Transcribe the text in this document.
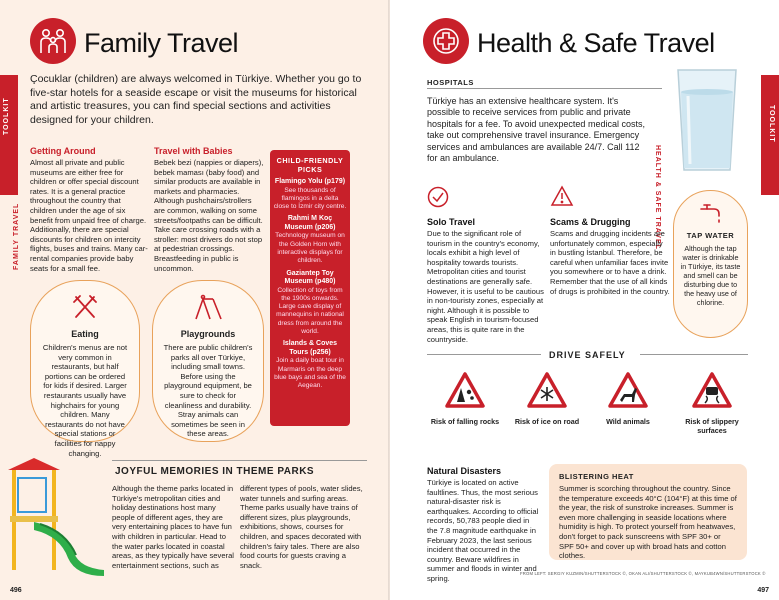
TOOLKIT
FAMILY TRAVEL
Family Travel

Çocuklar (children) are always welcomed in Türkiye. Whether you go to five-star hotels for a seaside escape or visit the museums for historical and artistic treasures, you can find special sections and activities designed for your children.

Getting Around

Almost all private and public museums are either free for children or offer special discount rates. It is a general practice throughout the country that children under the age of six benefit from unpaid free of charge. Additionally, there are special discounts for children on intercity flights, buses and trains. Many car-rental companies provide baby seats for a small fee.

Travel with Babies

Bebek bezi (nappies or diapers), bebek maması (baby food) and similar products are available in markets and pharmacies. Although pushchairs/strollers are common, walking on some streets/footpaths can be difficult. Take care crossing roads with a stroller: most drivers do not stop at pedestrian crossings. Breastfeeding in public is uncommon.

CHILD-FRIENDLY PICKS
Flamingo Yolu (p179)
See thousands of flamingos in a delta close to İzmir city centre.
Rahmi M Koç Museum (p206)
Technology museum on the Golden Horn with interactive displays for children.
Gaziantep Toy Museum (p480)
Collection of toys from the 1900s onwards. Large cave display of mannequins in national dress from around the world.
Islands & Coves Tours (p256)
Join a daily boat tour in Marmaris on the deep blue bays and sea of the Aegean.
Eating

Children's menus are not very common in restaurants, but half portions can be ordered for kids if desired. Larger restaurants usually have highchairs for young children. Many restaurants do not have special stations or facilities for nappy changing.

Playgrounds

There are public children's parks all over Türkiye, including small towns. Before using the playground equipment, be sure to check for cleanliness and durability. Stray animals can sometimes be seen in these areas.

JOYFUL MEMORIES IN THEME PARKS

Although the theme parks located in Türkiye's metropolitan cities and holiday destinations host many people of different ages, they are very entertaining places to have fun with children in particular. Head to the water parks located in coastal areas, as they typically have several entertainment sections, such as

different types of pools, water slides, water tunnels and surfing areas. Theme parks usually have trains of different sizes, plus playgrounds, exhibitions, shows, courses for children, and spaces decorated with children's fairy tales. There are also food courts for guests craving a snack.

496
TOOLKIT
HEALTH & SAFE TRAVEL
Health & Safe Travel
HOSPITALS

Türkiye has an extensive healthcare system. It's possible to receive services from public and private hospitals for a fee. To avoid unexpected medical costs, take out comprehensive travel insurance. Emergency services and ambulances are available 24/7. Call 112 for an ambulance.

Solo Travel

Due to the significant role of tourism in the country's economy, locals exhibit a high level of hospitality towards tourists. Metropolitan cities and tourist destinations are generally safe. However, it is useful to be cautious in non-touristy zones, especially at night. Although it is possible to speak English in tourism-focused areas, this is quite rare in the countryside.

Scams & Drugging

Scams and drugging incidents are unfortunately common, especially in bustling İstanbul. Therefore, be careful when unfamiliar faces invite you somewhere or to have a drink. Remember that the use of all kinds of drugs is prohibited in the country.

TAP WATER

Although the tap water is drinkable in Türkiye, its taste and smell can be disturbing due to the heavy use of chlorine.

DRIVE SAFELY
Risk of falling rocks	Risk of ice on road	Wild animals	Risk of slippery surfaces
Natural Disasters

Türkiye is located on active faultlines. Thus, the most serious natural-disaster risk is earthquakes. According to official records, 50,783 people died in the 7.8 magnitude earthquake in February 2023, the last serious incident that occurred in the country. Beware wildfires in summer and floods in winter and spring.

BLISTERING HEAT

Summer is scorching throughout the country. Since the temperature exceeds 40°C (104°F) at this time of the year, the risk of sunstroke increases. Summer is even more challenging in seaside locations where humidity is high. To protect yourself from heatwaves, don't forget to pack sunscreens with SPF 30+ or SPF 50+ and cover up with broad hats and cotton clothes.

FROM LEFT: SERGIY KUZMIN/SHUTTERSTOCK ©, OKAN ALI/SHUTTERSTOCK ©, MAYKUB4WN/SHUTTERSTOCK ©
497
